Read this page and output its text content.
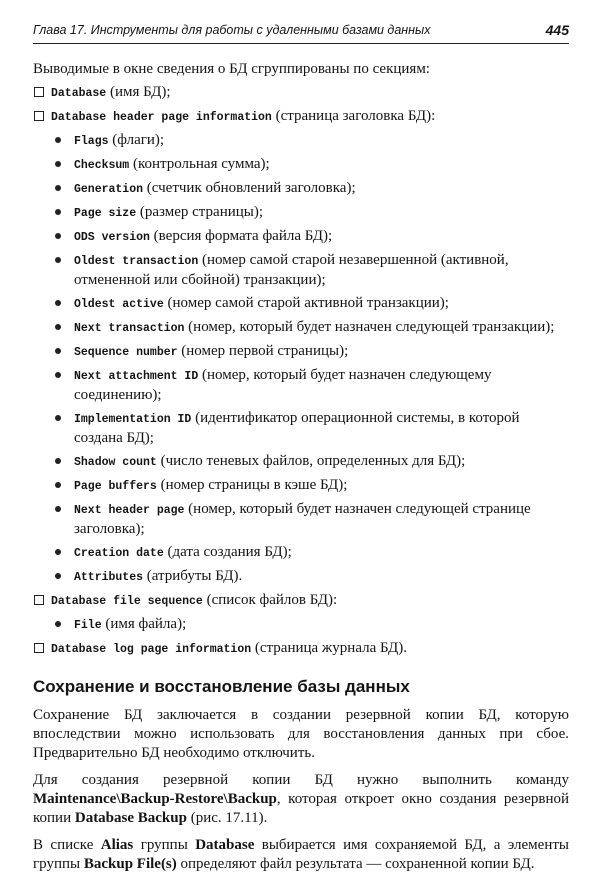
Глава 17. Инструменты для работы с удаленными базами данных	445

Выводимые в окне сведения о БД сгруппированы по секциям:

Database (имя БД);
Database header page information (страница заголовка БД):
Flags (флаги);
Checksum (контрольная сумма);
Generation (счетчик обновлений заголовка);
Page size (размер страницы);
ODS version (версия формата файла БД);
Oldest transaction (номер самой старой незавершенной (активной, отмененной или сбойной) транзакции);
Oldest active (номер самой старой активной транзакции);
Next transaction (номер, который будет назначен следующей транзакции);
Sequence number (номер первой страницы);
Next attachment ID (номер, который будет назначен следующему соединению);
Implementation ID (идентификатор операционной системы, в которой создана БД);
Shadow count (число теневых файлов, определенных для БД);
Page buffers (номер страницы в кэше БД);
Next header page (номер, который будет назначен следующей странице заголовка);
Creation date (дата создания БД);
Attributes (атрибуты БД).
Database file sequence (список файлов БД):
File (имя файла);
Database log page information (страница журнала БД).
Сохранение и восстановление базы данных

Сохранение БД заключается в создании резервной копии БД, которую впоследствии можно использовать для восстановления данных при сбое. Предварительно БД необходимо отключить.

Для создания резервной копии БД нужно выполнить команду Maintenance\Backup-Restore\Backup, которая откроет окно создания резервной копии Database Backup (рис. 17.11).

В списке Alias группы Database выбирается имя сохраняемой БД, а элементы группы Backup File(s) определяют файл результата — сохраненной копии БД.
